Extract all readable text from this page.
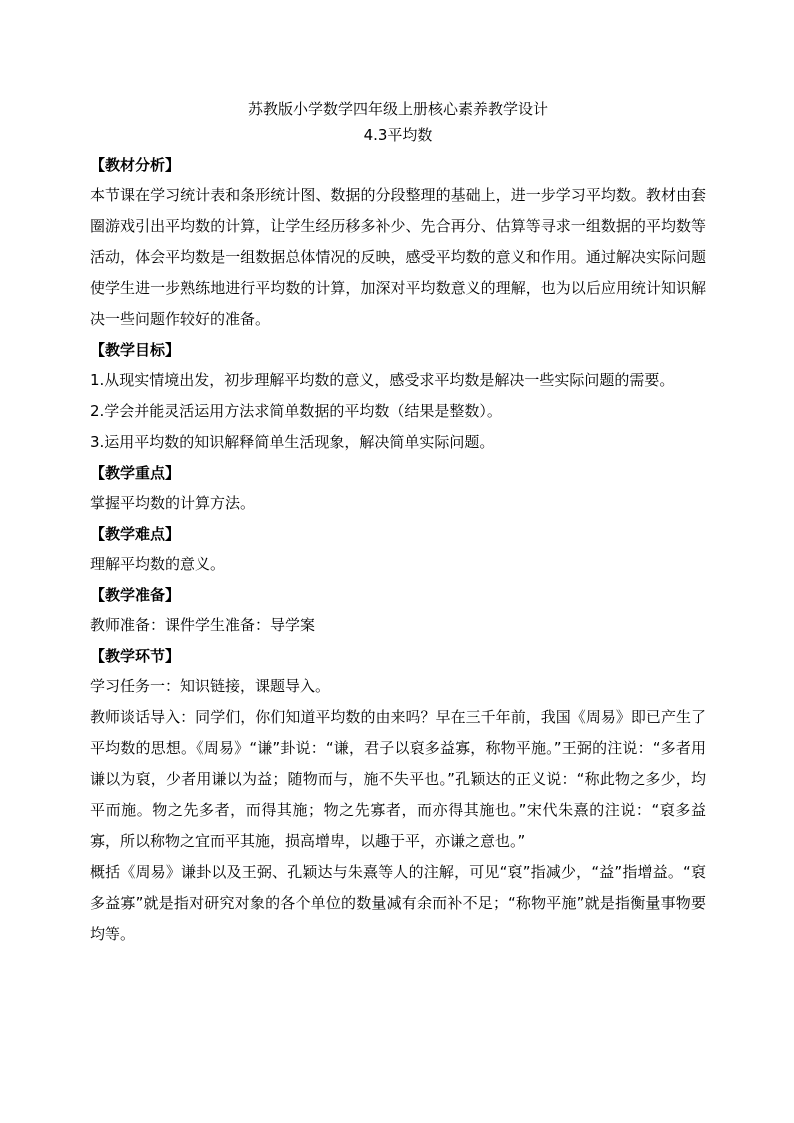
苏教版小学数学四年级上册核心素养教学设计

4.3平均数

【教材分析】

本节课在学习统计表和条形统计图、数据的分段整理的基础上，进一步学习平均数。教材由套圈游戏引出平均数的计算，让学生经历移多补少、先合再分、估算等寻求一组数据的平均数等活动，体会平均数是一组数据总体情况的反映，感受平均数的意义和作用。通过解决实际问题使学生进一步熟练地进行平均数的计算，加深对平均数意义的理解，也为以后应用统计知识解决一些问题作较好的准备。

【教学目标】

1.从现实情境出发，初步理解平均数的意义，感受求平均数是解决一些实际问题的需要。

2.学会并能灵活运用方法求简单数据的平均数（结果是整数）。

3.运用平均数的知识解释简单生活现象，解决简单实际问题。

【教学重点】

掌握平均数的计算方法。

【教学难点】

理解平均数的意义。

【教学准备】

教师准备：课件学生准备：导学案

【教学环节】

学习任务一：知识链接，课题导入。

教师谈话导入：同学们，你们知道平均数的由来吗？早在三千年前，我国《周易》即已产生了平均数的思想。《周易》“谦”卦说：“谦，君子以裒多益寡，称物平施。”王弼的注说：“多者用谦以为裒，少者用谦以为益；随物而与，施不失平也。”孔颖达的正义说：“称此物之多少，均平而施。物之先多者，而得其施；物之先寡者，而亦得其施也。”宋代朱熹的注说：“裒多益寡，所以称物之宜而平其施，损高增卑，以趣于平，亦谦之意也。”

概括《周易》谦卦以及王弼、孔颖达与朱熹等人的注解，可见“裒”指减少，“益”指增益。“裒多益寡”就是指对研究对象的各个单位的数量减有余而补不足；“称物平施”就是指衡量事物要均等。
